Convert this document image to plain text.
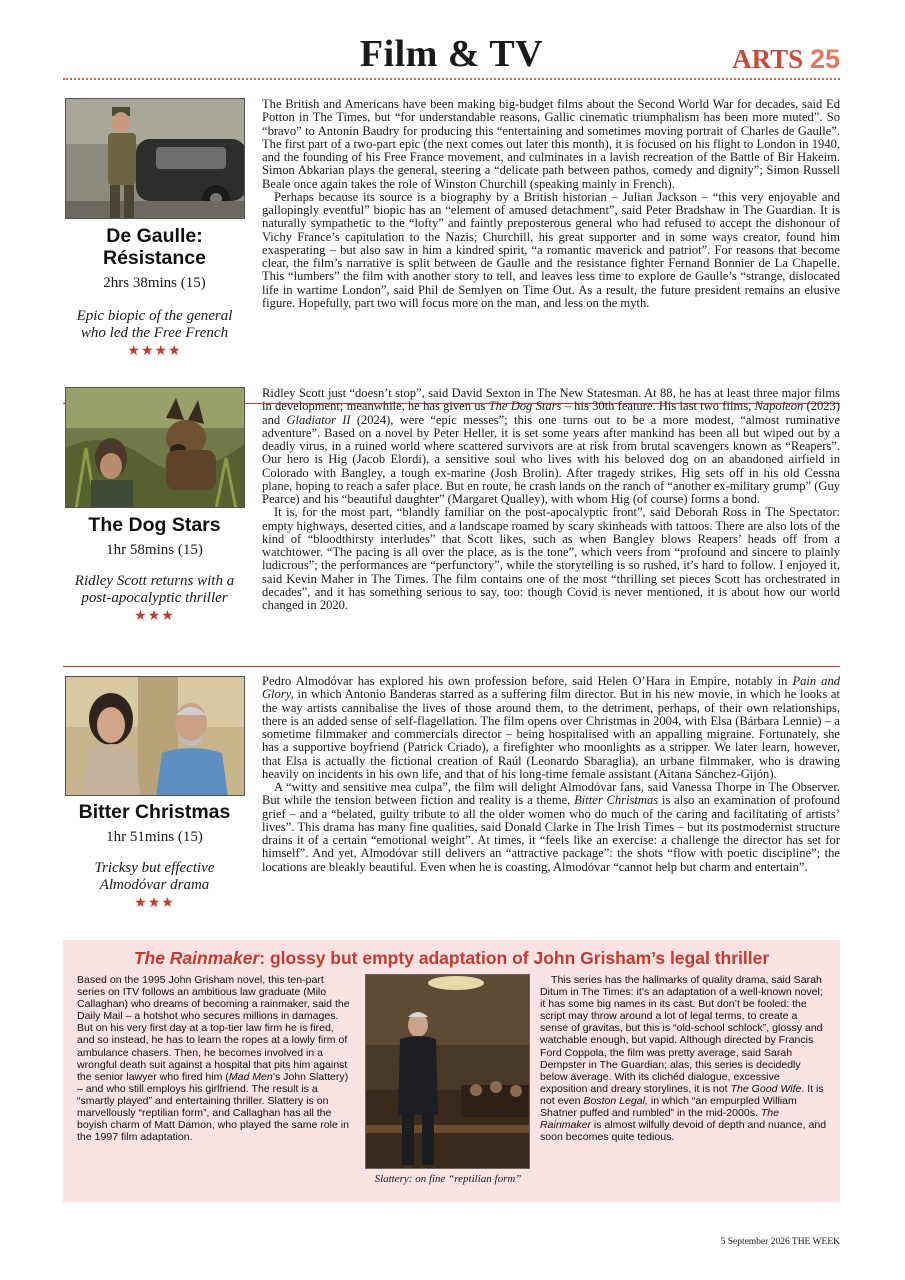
Film & TV	ARTS 25
De Gaulle:
Résistance
2hrs 38mins (15)
Epic biopic of the general who led the Free French
★★★★

The British and Americans have been making big-budget films about the Second World War for decades, said Ed Potton in The Times, but “for understandable reasons, Gallic cinematic triumphalism has been more muted”. So “bravo” to Antonin Baudry for producing this “entertaining and sometimes moving portrait of Charles de Gaulle”. The first part of a two-part epic (the next comes out later this month), it is focused on his flight to London in 1940, and the founding of his Free France movement, and culminates in a lavish recreation of the Battle of Bir Hakeim. Simon Abkarian plays the general, steering a “delicate path between pathos, comedy and dignity”; Simon Russell Beale once again takes the role of Winston Churchill (speaking mainly in French).

Perhaps because its source is a biography by a British historian – Julian Jackson – “this very enjoyable and gallopingly eventful” biopic has an “element of amused detachment”, said Peter Bradshaw in The Guardian. It is naturally sympathetic to the “lofty” and faintly preposterous general who had refused to accept the dishonour of Vichy France’s capitulation to the Nazis; Churchill, his great supporter and in some ways creator, found him exasperating – but also saw in him a kindred spirit, “a romantic maverick and patriot”. For reasons that become clear, the film’s narrative is split between de Gaulle and the resistance fighter Fernand Bonnier de La Chapelle. This “lumbers” the film with another story to tell, and leaves less time to explore de Gaulle’s “strange, dislocated life in wartime London”, said Phil de Semlyen on Time Out. As a result, the future president remains an elusive figure. Hopefully, part two will focus more on the man, and less on the myth.

The Dog Stars
1hr 58mins (15)
Ridley Scott returns with a post-apocalyptic thriller
★★★

Ridley Scott just “doesn’t stop”, said David Sexton in The New Statesman. At 88, he has at least three major films in development; meanwhile, he has given us The Dog Stars – his 30th feature. His last two films, Napoleon (2023) and Gladiator II (2024), were “epic messes”; this one turns out to be a more modest, “almost ruminative adventure”. Based on a novel by Peter Heller, it is set some years after mankind has been all but wiped out by a deadly virus, in a ruined world where scattered survivors are at risk from brutal scavengers known as “Reapers”. Our hero is Hig (Jacob Elordi), a sensitive soul who lives with his beloved dog on an abandoned airfield in Colorado with Bangley, a tough ex-marine (Josh Brolin). After tragedy strikes, Hig sets off in his old Cessna plane, hoping to reach a safer place. But en route, he crash lands on the ranch of “another ex-military grump” (Guy Pearce) and his “beautiful daughter” (Margaret Qualley), with whom Hig (of course) forms a bond.

It is, for the most part, “blandly familiar on the post-apocalyptic front”, said Deborah Ross in The Spectator: empty highways, deserted cities, and a landscape roamed by scary skinheads with tattoos. There are also lots of the kind of “bloodthirsty interludes” that Scott likes, such as when Bangley blows Reapers’ heads off from a watchtower. “The pacing is all over the place, as is the tone”, which veers from “profound and sincere to plainly ludicrous”; the performances are “perfunctory”, while the storytelling is so rushed, it’s hard to follow. I enjoyed it, said Kevin Maher in The Times. The film contains one of the most “thrilling set pieces Scott has orchestrated in decades”, and it has something serious to say, too: though Covid is never mentioned, it is about how our world changed in 2020.

Bitter Christmas
1hr 51mins (15)
Tricksy but effective Almodóvar drama
★★★

Pedro Almodóvar has explored his own profession before, said Helen O’Hara in Empire, notably in Pain and Glory, in which Antonio Banderas starred as a suffering film director. But in his new movie, in which he looks at the way artists cannibalise the lives of those around them, to the detriment, perhaps, of their own relationships, there is an added sense of self-flagellation. The film opens over Christmas in 2004, with Elsa (Bárbara Lennie) – a sometime filmmaker and commercials director – being hospitalised with an appalling migraine. Fortunately, she has a supportive boyfriend (Patrick Criado), a firefighter who moonlights as a stripper. We later learn, however, that Elsa is actually the fictional creation of Raúl (Leonardo Sbaraglia), an urbane filmmaker, who is drawing heavily on incidents in his own life, and that of his long-time female assistant (Aitana Sánchez-Gijón).

A “witty and sensitive mea culpa”, the film will delight Almodóvar fans, said Vanessa Thorpe in The Observer. But while the tension between fiction and reality is a theme, Bitter Christmas is also an examination of profound grief – and a “belated, guilty tribute to all the older women who do much of the caring and facilitating of artists’ lives”. This drama has many fine qualities, said Donald Clarke in The Irish Times – but its postmodernist structure drains it of a certain “emotional weight”. At times, it “feels like an exercise: a challenge the director has set for himself”. And yet, Almodóvar still delivers an “attractive package”: the shots “flow with poetic discipline”; the locations are bleakly beautiful. Even when he is coasting, Almodóvar “cannot help but charm and entertain”.

The Rainmaker: glossy but empty adaptation of John Grisham’s legal thriller

Based on the 1995 John Grisham novel, this ten-part series on ITV follows an ambitious law graduate (Milo Callaghan) who dreams of becoming a rainmaker, said the Daily Mail – a hotshot who secures millions in damages. But on his very first day at a top-tier law firm he is fired, and so instead, he has to learn the ropes at a lowly firm of ambulance chasers. Then, he becomes involved in a wrongful death suit against a hospital that pits him against the senior lawyer who fired him (Mad Men’s John Slattery) – and who still employs his girlfriend. The result is a “smartly played” and entertaining thriller. Slattery is on marvellously “reptilian form”, and Callaghan has all the boyish charm of Matt Damon, who played the same role in the 1997 film adaptation.

Slattery: on fine “reptilian form”

This series has the hallmarks of quality drama, said Sarah Ditum in The Times: it’s an adaptation of a well-known novel; it has some big names in its cast. But don’t be fooled: the script may throw around a lot of legal terms, to create a sense of gravitas, but this is “old-school schlock”, glossy and watchable enough, but vapid. Although directed by Francis Ford Coppola, the film was pretty average, said Sarah Dempster in The Guardian; alas, this series is decidedly below average. With its clichéd dialogue, excessive exposition and dreary storylines, it is not The Good Wife. It is not even Boston Legal, in which “an empurpled William Shatner puffed and rumbled” in the mid-2000s. The Rainmaker is almost wilfully devoid of depth and nuance, and soon becomes quite tedious.

5 September 2026 THE WEEK
